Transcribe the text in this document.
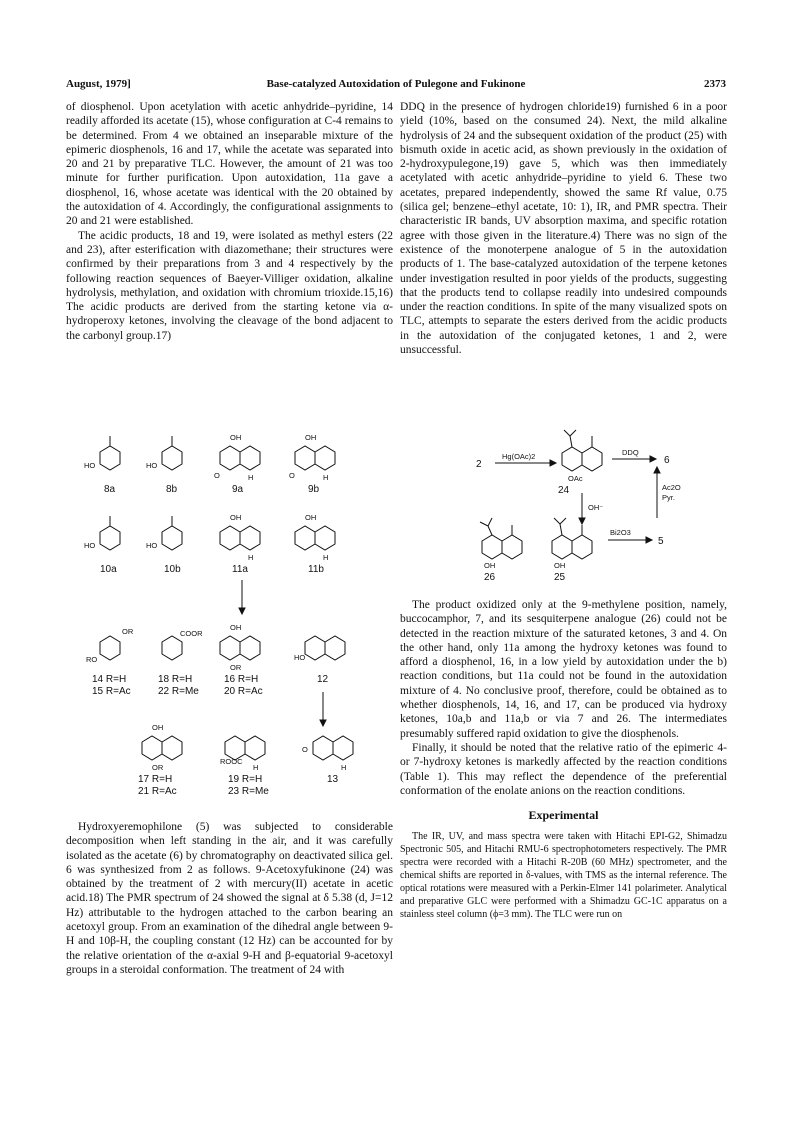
August, 1979]	Base-catalyzed Autoxidation of Pulegone and Fukinone	2373

of diosphenol. Upon acetylation with acetic anhydride–pyridine, 14 readily afforded its acetate (15), whose configuration at C-4 remains to be determined. From 4 we obtained an inseparable mixture of the epimeric diosphenols, 16 and 17, while the acetate was separated into 20 and 21 by preparative TLC. However, the amount of 21 was too minute for further purification. Upon autoxidation, 11a gave a diosphenol, 16, whose acetate was identical with the 20 obtained by the autoxidation of 4. Accordingly, the configurational assignments to 20 and 21 were established.

The acidic products, 18 and 19, were isolated as methyl esters (22 and 23), after esterification with diazomethane; their structures were confirmed by their preparations from 3 and 4 respectively by the following reaction sequences of Baeyer-Villiger oxidation, alkaline hydrolysis, methylation, and oxidation with chromium trioxide.15,16) The acidic products are derived from the starting ketone via α-hydroperoxy ketones, involving the cleavage of the bond adjacent to the carbonyl group.17)

DDQ in the presence of hydrogen chloride19) furnished 6 in a poor yield (10%, based on the consumed 24). Next, the mild alkaline hydrolysis of 24 and the subsequent oxidation of the product (25) with bismuth oxide in acetic acid, as shown previously in the oxidation of 2-hydroxypulegone,19) gave 5, which was then immediately acetylated with acetic anhydride–pyridine to yield 6. These two acetates, prepared independently, showed the same Rf value, 0.75 (silica gel; benzene–ethyl acetate, 10: 1), IR, and PMR spectra. Their characteristic IR bands, UV absorption maxima, and specific rotation agree with those given in the literature.4) There was no sign of the existence of the monoterpene analogue of 5 in the autoxidation products of 1. The base-catalyzed autoxidation of the terpene ketones under investigation resulted in poor yields of the products, suggesting that the products tend to collapse readily into undesired compounds under the reaction conditions. In spite of the many visualized spots on TLC, attempts to separate the esters derived from the acidic products in the autoxidation of the conjugated ketones, 1 and 2, were unsuccessful.

2
Hg(OAc)2
OAc
24
DDQ
6
OH⁻
Ac2O
Pyr.
Bi2O3
5
OH	OH
26	25
8a	8b	9a	9b
10a	10b	11a	11b
14 R=H
15 R=Ac
18 R=H
22 R=Me
16 R=H
20 R=Ac
12
17 R=H
21 R=Ac
19 R=H
23 R=Me
13
HO	HO
O
OH
H
OH
O	H
HO	HO
OH
H
OH
H
OR
RO
COOR
OH
OR
HO
OH
OR
ROOC
H
O
H

Hydroxyeremophilone (5) was subjected to considerable decomposition when left standing in the air, and it was carefully isolated as the acetate (6) by chromatography on deactivated silica gel. 6 was synthesized from 2 as follows. 9-Acetoxyfukinone (24) was obtained by the treatment of 2 with mercury(II) acetate in acetic acid.18) The PMR spectrum of 24 showed the signal at δ 5.38 (d, J=12 Hz) attributable to the hydrogen attached to the carbon bearing an acetoxyl group. From an examination of the dihedral angle between 9-H and 10β-H, the coupling constant (12 Hz) can be accounted for by the relative orientation of the α-axial 9-H and β-equatorial 9-acetoxyl groups in a steroidal conformation. The treatment of 24 with

The product oxidized only at the 9-methylene position, namely, buccocamphor, 7, and its sesquiterpene analogue (26) could not be detected in the reaction mixture of the saturated ketones, 3 and 4. On the other hand, only 11a among the hydroxy ketones was found to afford a diosphenol, 16, in a low yield by autoxidation under the b) reaction conditions, but 11a could not be found in the autoxidation mixture of 4. No conclusive proof, therefore, could be obtained as to whether diosphenols, 14, 16, and 17, can be produced via hydroxy ketones, 10a,b and 11a,b or via 7 and 26. The intermediates presumably suffered rapid oxidation to give the diosphenols.

Finally, it should be noted that the relative ratio of the epimeric 4- or 7-hydroxy ketones is markedly affected by the reaction conditions (Table 1). This may reflect the dependence of the preferential conformation of the enolate anions on the reaction conditions.

Experimental

The IR, UV, and mass spectra were taken with Hitachi EPI-G2, Shimadzu Spectronic 505, and Hitachi RMU-6 spectrophotometers respectively. The PMR spectra were recorded with a Hitachi R-20B (60 MHz) spectrometer, and the chemical shifts are reported in δ-values, with TMS as the internal reference. The optical rotations were measured with a Perkin-Elmer 141 polarimeter. Analytical and preparative GLC were performed with a Shimadzu GC-1C apparatus on a stainless steel column (ϕ=3 mm). The TLC were run on
